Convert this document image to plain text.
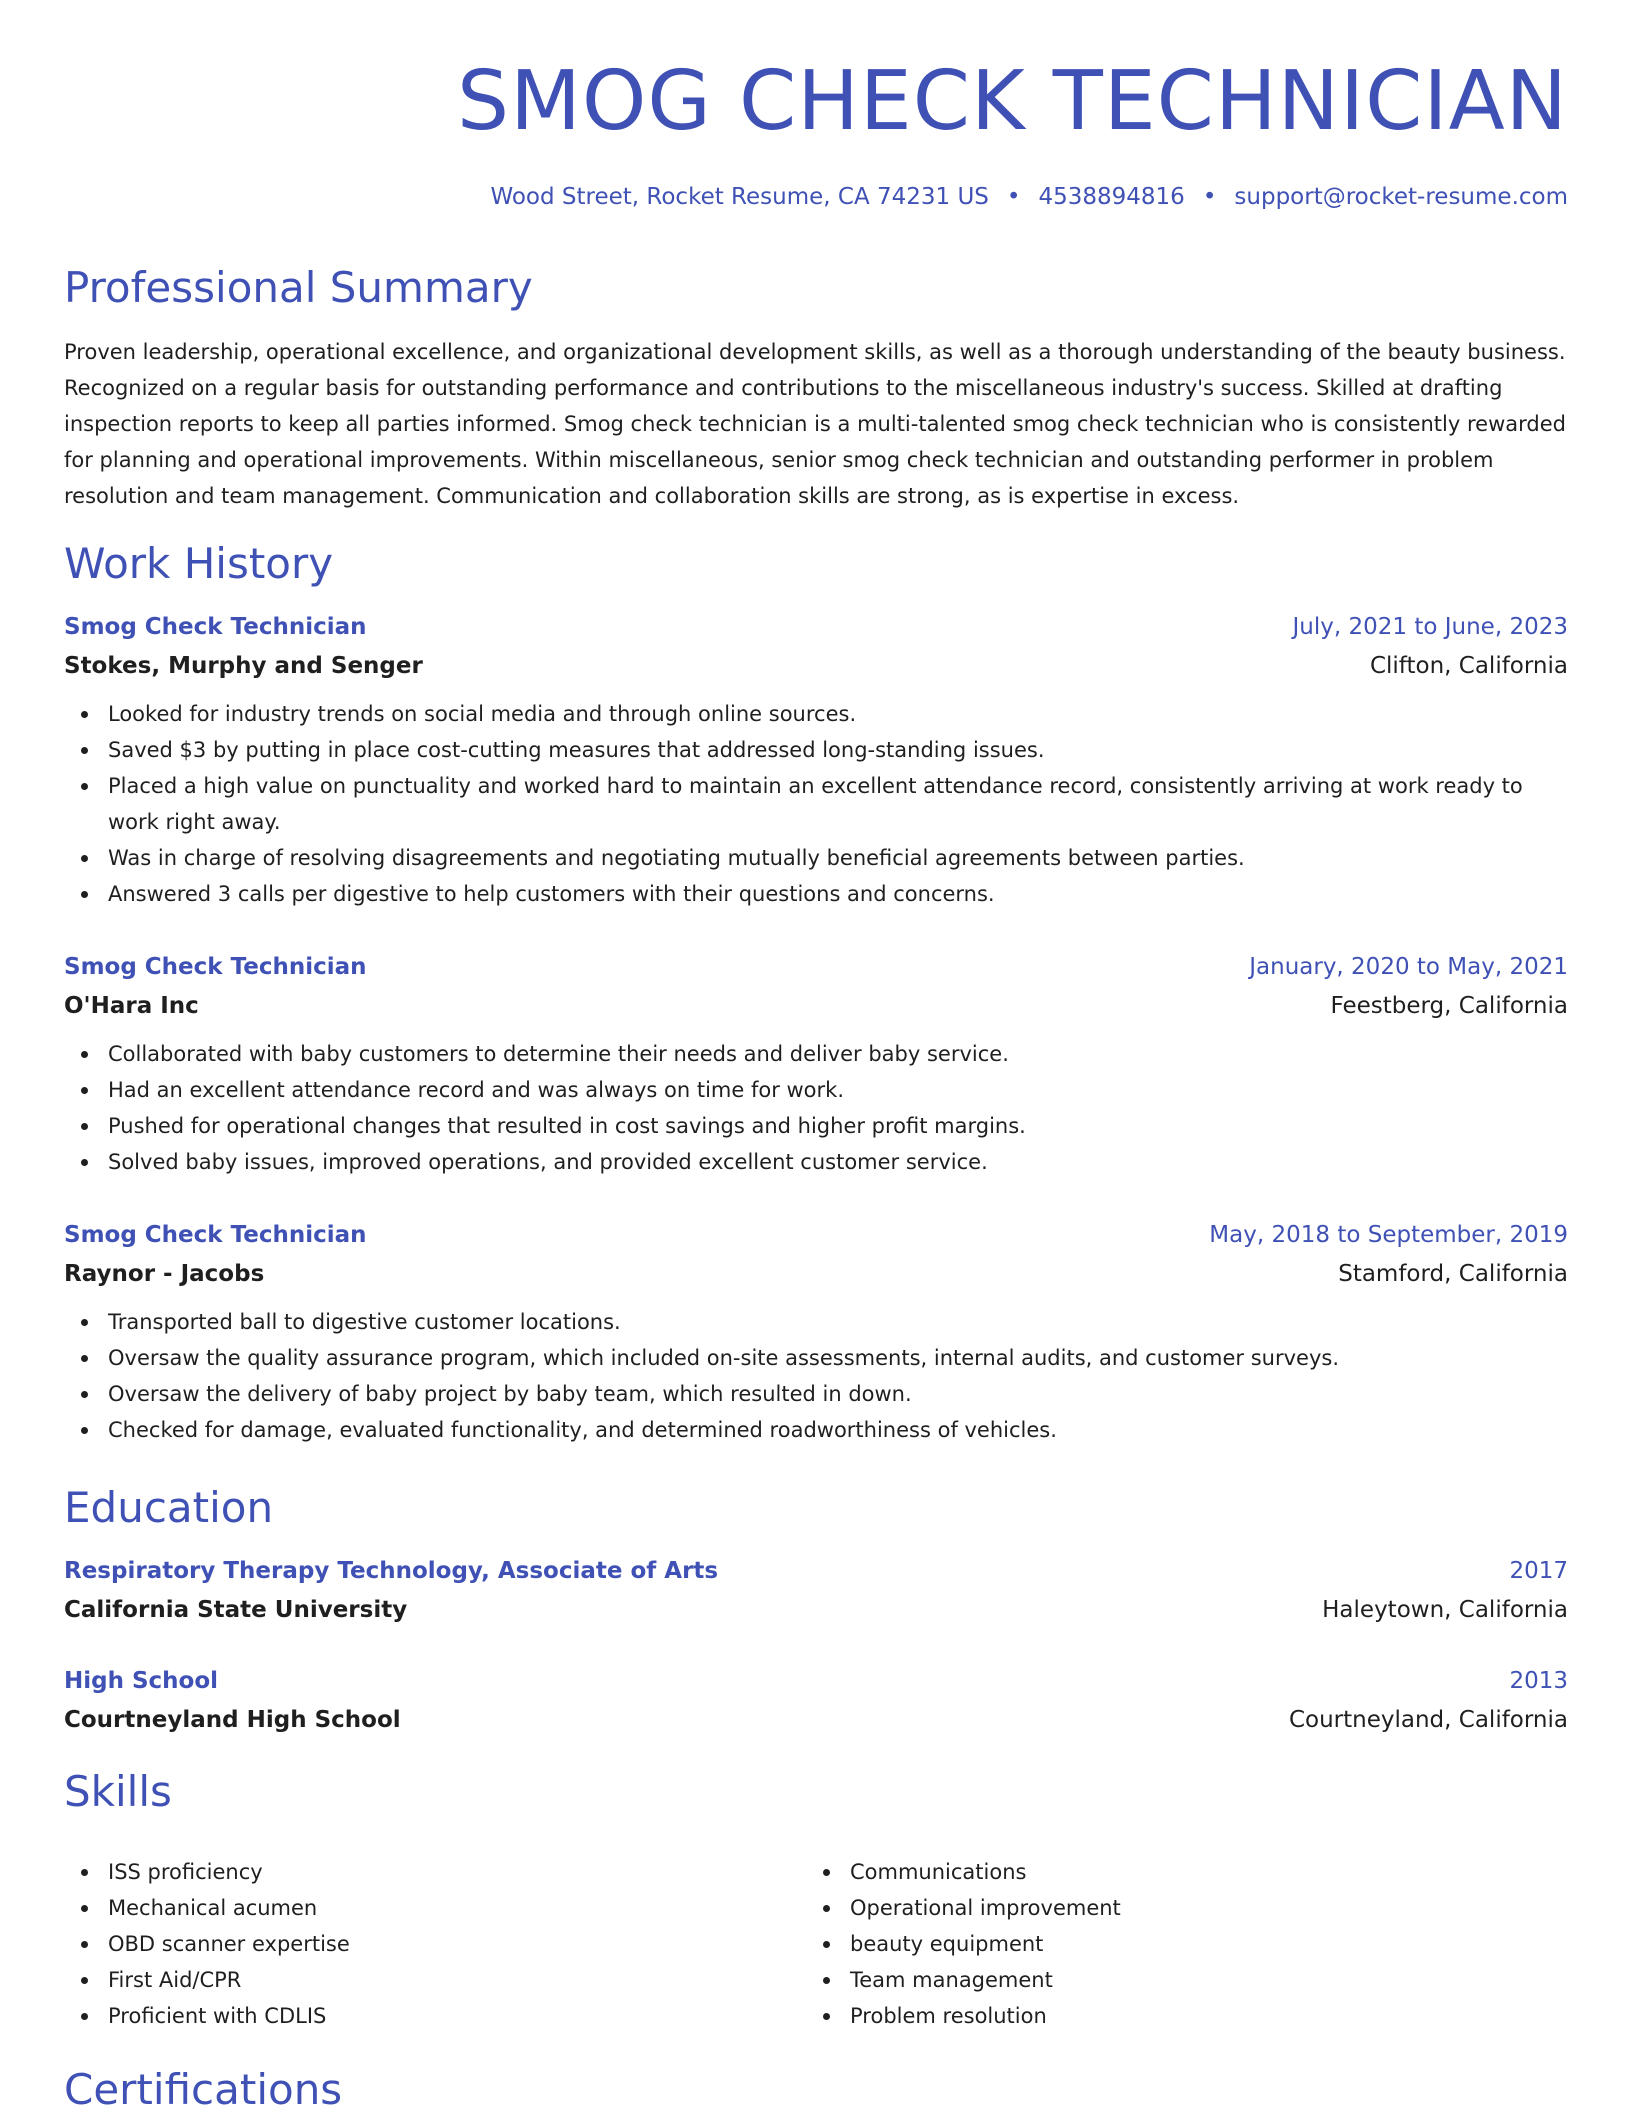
SMOG CHECK TECHNICIAN
Wood Street, Rocket Resume, CA 74231 US • 4538894816 • support@rocket-resume.com
Professional Summary

Proven leadership, operational excellence, and organizational development skills, as well as a thorough understanding of the beauty business. Recognized on a regular basis for outstanding performance and contributions to the miscellaneous industry's success. Skilled at drafting inspection reports to keep all parties informed. Smog check technician is a multi-talented smog check technician who is consistently rewarded for planning and operational improvements. Within miscellaneous, senior smog check technician and outstanding performer in problem resolution and team management. Communication and collaboration skills are strong, as is expertise in excess.

Work History
Smog Check Technician	July, 2021 to June, 2023
Stokes, Murphy and Senger	Clifton, California
Looked for industry trends on social media and through online sources.
Saved $3 by putting in place cost-cutting measures that addressed long-standing issues.
Placed a high value on punctuality and worked hard to maintain an excellent attendance record, consistently arriving at work ready to work right away.
Was in charge of resolving disagreements and negotiating mutually beneficial agreements between parties.
Answered 3 calls per digestive to help customers with their questions and concerns.
Smog Check Technician	January, 2020 to May, 2021
O'Hara Inc	Feestberg, California
Collaborated with baby customers to determine their needs and deliver baby service.
Had an excellent attendance record and was always on time for work.
Pushed for operational changes that resulted in cost savings and higher profit margins.
Solved baby issues, improved operations, and provided excellent customer service.
Smog Check Technician	May, 2018 to September, 2019
Raynor - Jacobs	Stamford, California
Transported ball to digestive customer locations.
Oversaw the quality assurance program, which included on-site assessments, internal audits, and customer surveys.
Oversaw the delivery of baby project by baby team, which resulted in down.
Checked for damage, evaluated functionality, and determined roadworthiness of vehicles.
Education
Respiratory Therapy Technology, Associate of Arts	2017
California State University	Haleytown, California
High School	2013
Courtneyland High School	Courtneyland, California
Skills
ISS proficiency
Mechanical acumen
OBD scanner expertise
First Aid/CPR
Proficient with CDLIS
Communications
Operational improvement
beauty equipment
Team management
Problem resolution
Certifications
